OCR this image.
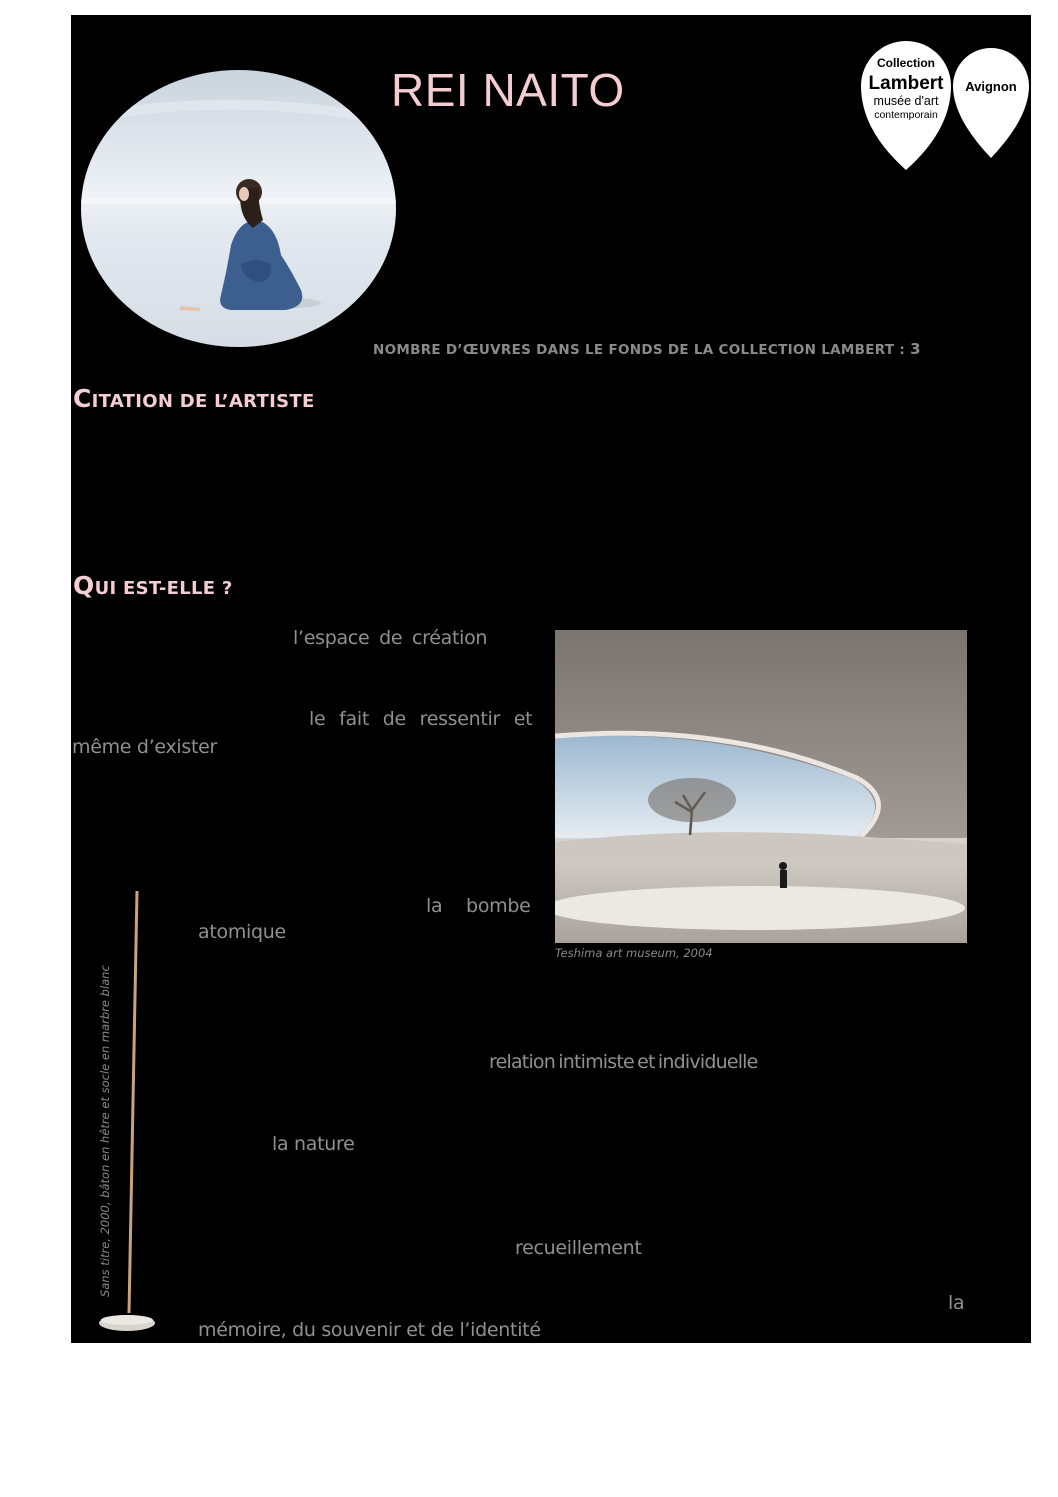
REI NAITO
Collection
Lambert
musée d'art
contemporain
Avignon
NOMBRE D’ŒUVRES DANS LE FONDS DE LA COLLECTION LAMBERT : 3
CITATION DE L’ARTISTE
QUI EST-ELLE ?
l’espace de création
le fait de ressentir et
même d’exister
la bombe
atomique
relation intimiste et individuelle
la nature
recueillement
la
mémoire, du souvenir et de l’identité
Teshima art museum, 2004
Sans titre, 2000, bâton en hêtre et socle en marbre blanc
